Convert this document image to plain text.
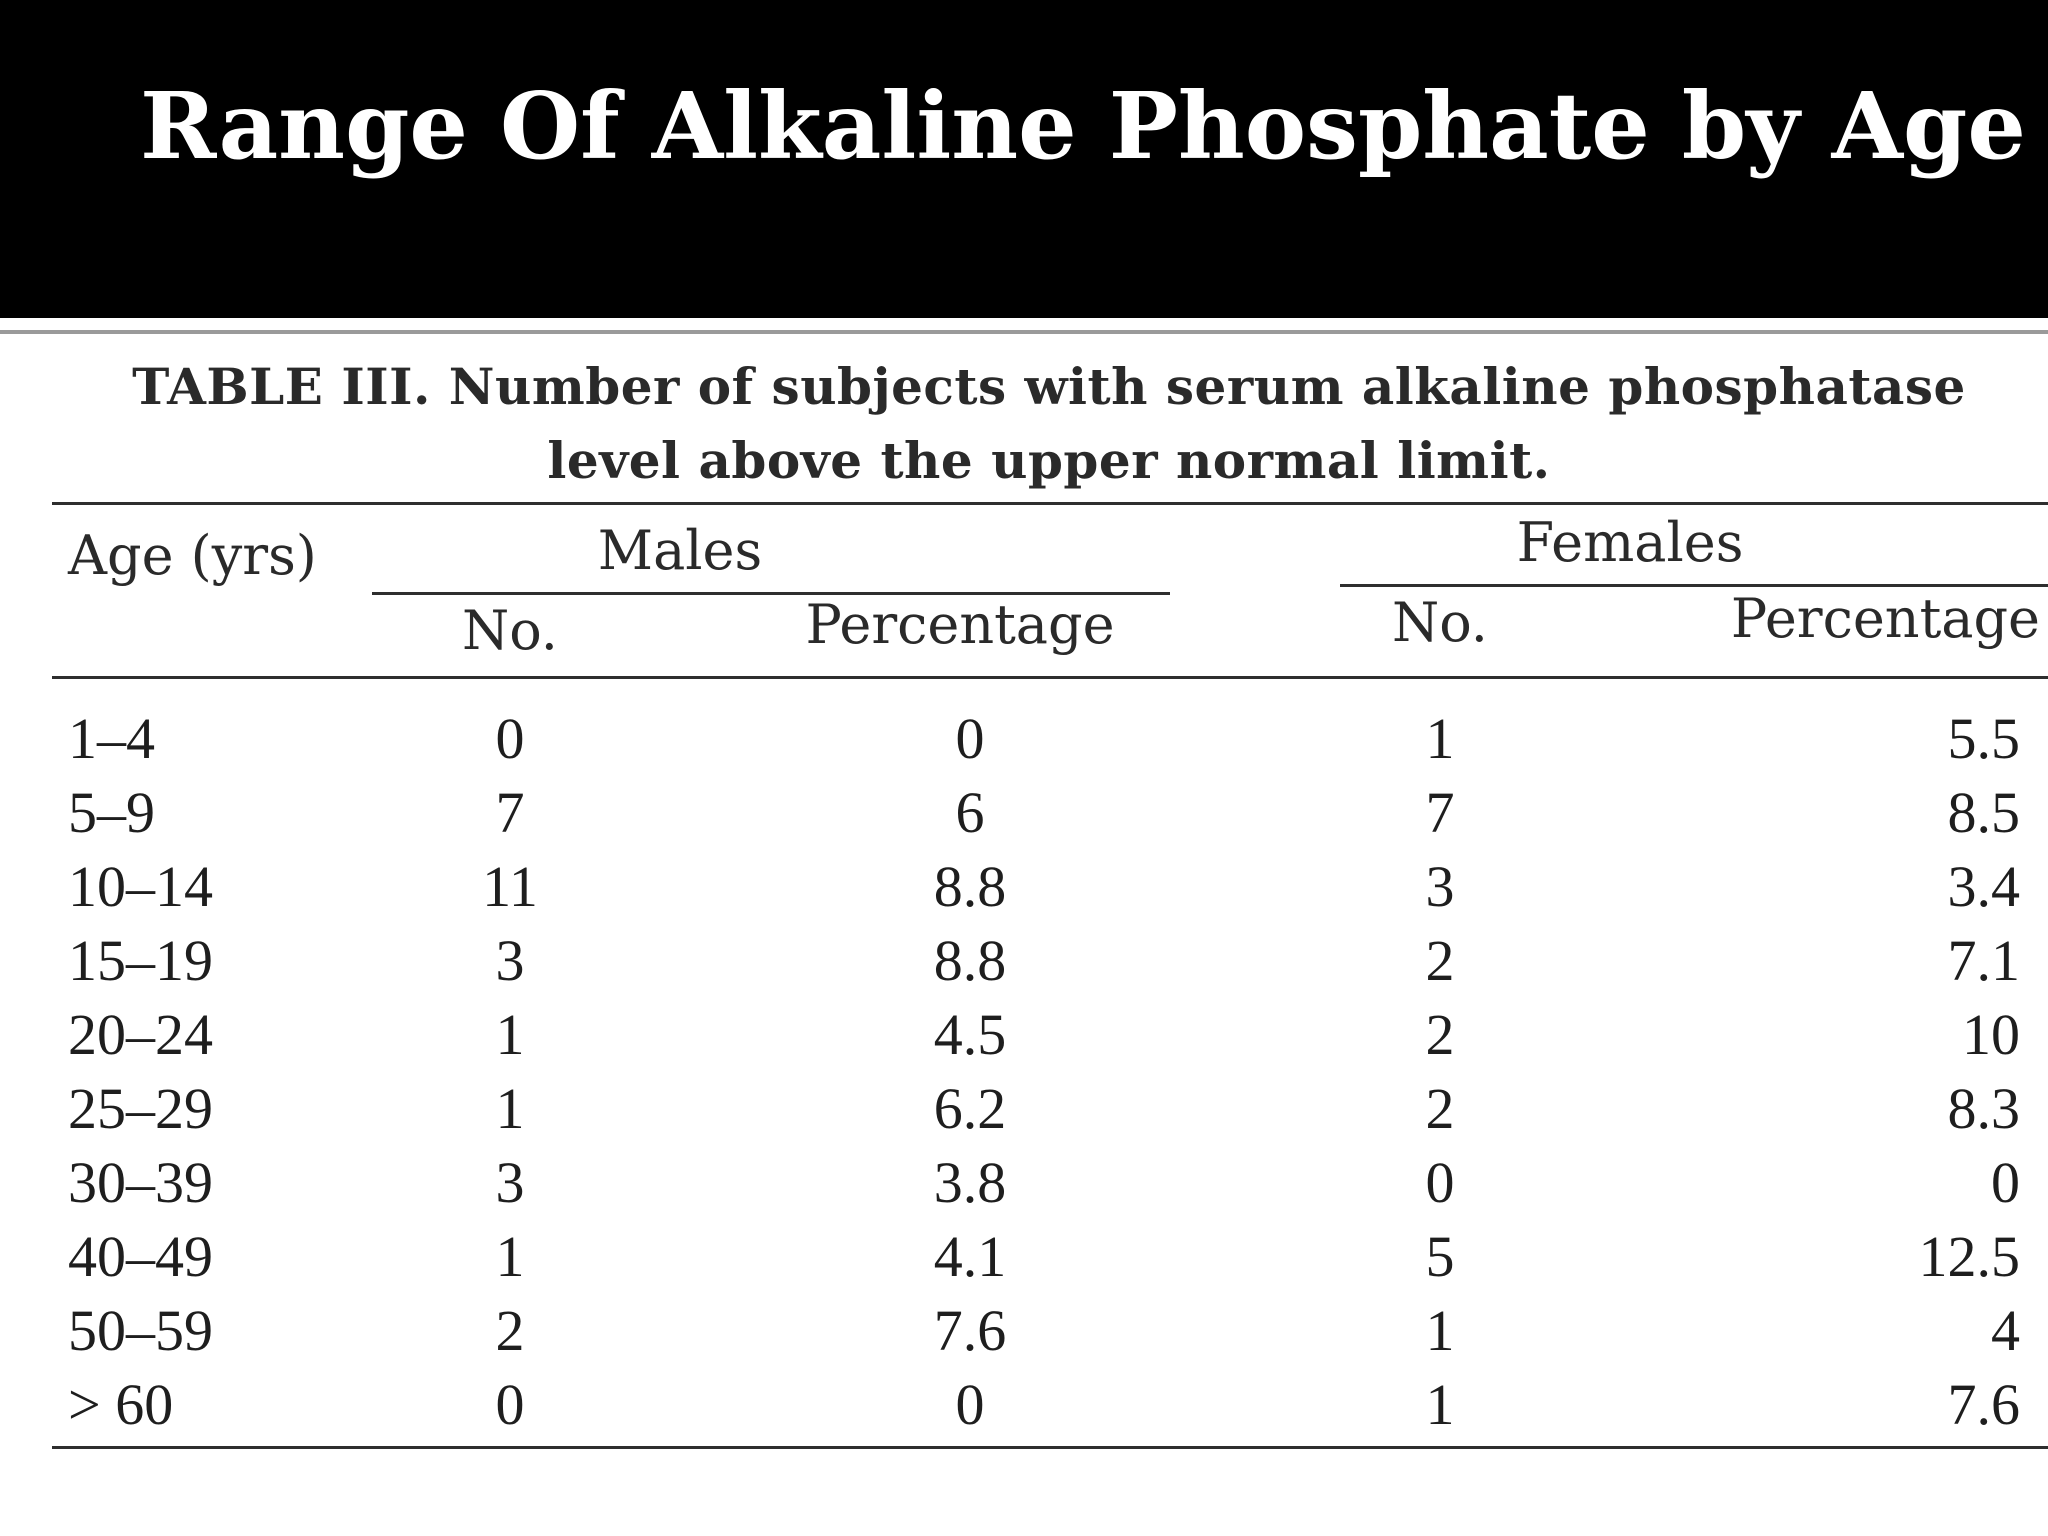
Range Of Alkaline Phosphate by Age
TABLE III. Number of subjects with serum alkaline phosphatase
level above the upper normal limit.
Age (yrs)	Males	Females
No.	Percentage	No.	Percentage
1–4	0	0	1	5.5
5–9	7	6	7	8.5
10–14	11	8.8	3	3.4
15–19	3	8.8	2	7.1
20–24	1	4.5	2	10
25–29	1	6.2	2	8.3
30–39	3	3.8	0	0
40–49	1	4.1	5	12.5
50–59	2	7.6	1	4
> 60	0	0	1	7.6
